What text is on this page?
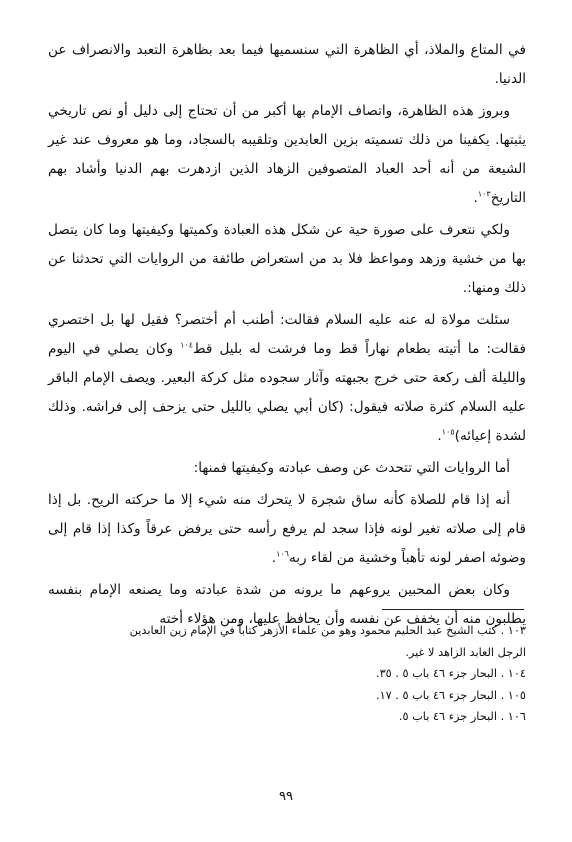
في المتاع والملاذ، أي الظاهرة التي سنسميها فيما بعد بظاهرة التعبد والانصراف عن الدنيا.

وبروز هذه الظاهرة، واتصاف الإمام بها أكبر من أن تحتاج إلى دليل أو نص تاريخي يثبتها. يكفينا من ذلك تسميته بزين العابدين وتلقيبه بالسجاد، وما هو معروف عند غير الشيعة من أنه أحد العباد المتصوفين الزهاد الذين ازدهرت بهم الدنيا وأشاد بهم التاريخ$^{١٠٣}$.

ولكي نتعرف على صورة حية عن شكل هذه العبادة وكميتها وكيفيتها وما كان يتصل بها من خشية وزهد ومواعظ فلا بد من استعراض طائفة من الروايات التي تحدثنا عن ذلك ومنها:.

سئلت مولاة له عنه عليه السلام فقالت: أطنب أم أختصر؟ فقيل لها بل اختصري فقالت: ما أتيته بطعام نهاراً قط وما فرشت له بليل قط$^{١٠٤}$ وكان يصلي في اليوم والليلة ألف ركعة حتى خرج بجبهته وآثار سجوده مثل كركة البعير. ويصف الإمام الباقر عليه السلام كثرة صلاته فيقول: (كان أبي يصلي بالليل حتى يزحف إلى فراشه. وذلك لشدة إعيائه)$^{١٠٥}$.

أما الروايات التي تتحدث عن وصف عبادته وكيفيتها فمنها:

أنه إذا قام للصلاة كأنه ساق شجرة لا يتحرك منه شيء إلا ما حركته الريح. بل إذا قام إلى صلاته تغير لونه فإذا سجد لم يرفع رأسه حتى يرفض عرقاً وكذا إذا قام إلى وضوئه اصفر لونه تأهباً وخشية من لقاء ربه$^{١٠٦}$.

وكان بعض المحبين يروعهم ما يرونه من شدة عبادته وما يصنعه الإمام بنفسه يطلبون منه أن يخفف عن نفسه وأن يحافظ عليها، ومن هؤلاء أخته

١٠٣ . كتب الشيخ عبد الحليم محمود وهو من علماء الأزهر كتاباً في الإمام زين العابدين
الرجل العابد الزاهد لا غير.
١٠٤ . البحار جزء ٤٦ باب ٥ . ٣٥.
١٠٥ . البحار جزء ٤٦ باب ٥ . ١٧.
١٠٦ . البحار جزء ٤٦ باب ٥.
٩٩
